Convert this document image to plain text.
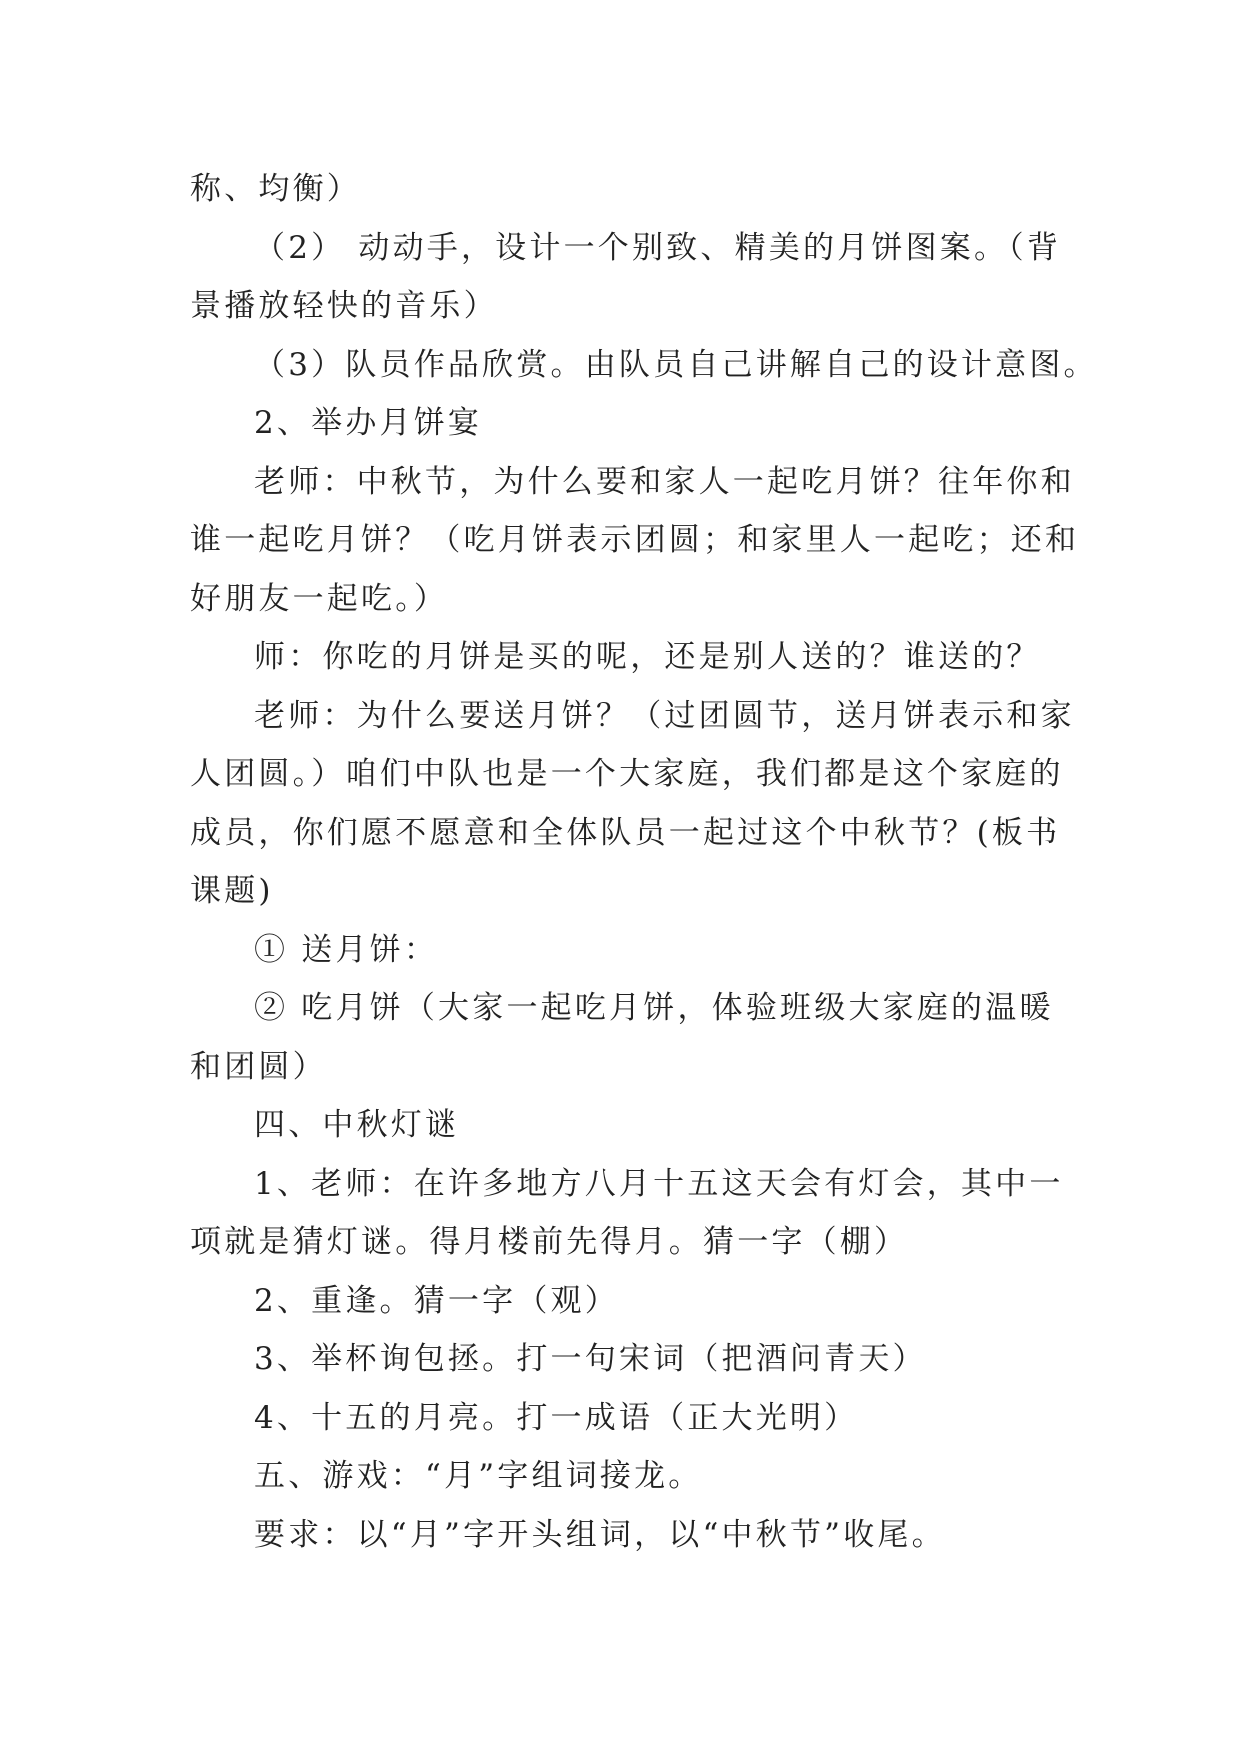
称、均衡）
（2） 动动手，设计一个别致、精美的月饼图案。（背
景播放轻快的音乐）
（3）队员作品欣赏。由队员自己讲解自己的设计意图。
2、举办月饼宴
老师：中秋节，为什么要和家人一起吃月饼？往年你和
谁一起吃月饼？（吃月饼表示团圆；和家里人一起吃；还和
好朋友一起吃。）
师：你吃的月饼是买的呢，还是别人送的？谁送的？
老师：为什么要送月饼？（过团圆节，送月饼表示和家
人团圆。）咱们中队也是一个大家庭，我们都是这个家庭的
成员，你们愿不愿意和全体队员一起过这个中秋节？(板书
课题)
① 送月饼：
② 吃月饼（大家一起吃月饼，体验班级大家庭的温暖
和团圆）
四、中秋灯谜
1、老师：在许多地方八月十五这天会有灯会，其中一
项就是猜灯谜。得月楼前先得月。猜一字（棚）
2、重逢。猜一字（观）
3、举杯询包拯。打一句宋词（把酒问青天）
4、十五的月亮。打一成语（正大光明）
五、游戏：“月”字组词接龙。
要求：以“月”字开头组词，以“中秋节”收尾。
